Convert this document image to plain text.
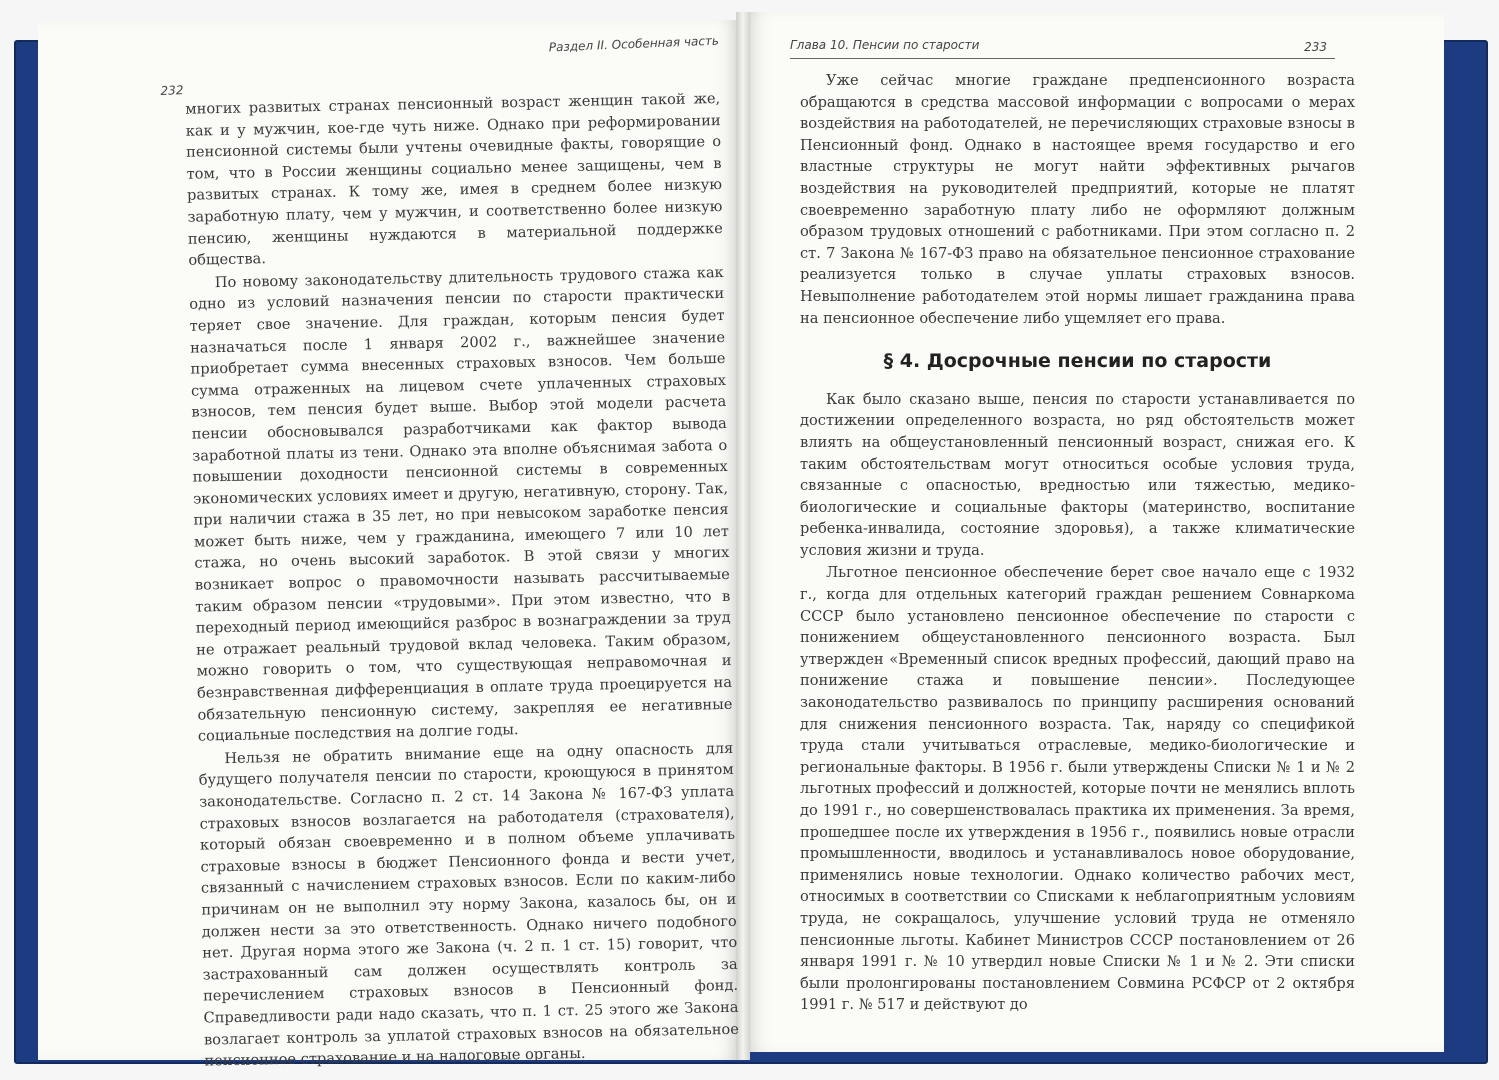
232
Раздел II. Особенная часть	Глава 10. Пенсии по старости	233

многих развитых странах пенсионный возраст женщин такой же, как и у мужчин, кое-где чуть ниже. Однако при реформировании пенсионной системы были учтены очевидные факты, говорящие о том, что в России женщины социально менее защищены, чем в развитых странах. К тому же, имея в среднем более низкую заработную плату, чем у мужчин, и соответственно более низкую пенсию, женщины нуждаются в материальной поддержке общества.

По новому законодательству длительность трудового стажа как одно из условий назначения пенсии по старости практически теряет свое значение. Для граждан, которым пенсия будет назначаться после 1 января 2002 г., важнейшее значение приобретает сумма внесенных страховых взносов. Чем больше сумма отраженных на лицевом счете уплаченных страховых взносов, тем пенсия будет выше. Выбор этой модели расчета пенсии обосновывался разработчиками как фактор вывода заработной платы из тени. Однако эта вполне объяснимая забота о повышении доходности пенсионной системы в современных экономических условиях имеет и другую, негативную, сторону. Так, при наличии стажа в 35 лет, но при невысоком заработке пенсия может быть ниже, чем у гражданина, имеющего 7 или 10 лет стажа, но очень высокий заработок. В этой связи у многих возникает вопрос о правомочности называть рассчитываемые таким образом пенсии «трудовыми». При этом известно, что в переходный период имеющийся разброс в вознаграждении за труд не отражает реальный трудовой вклад человека. Таким образом, можно говорить о том, что существующая неправомочная и безнравственная дифференциация в оплате труда проецируется на обязательную пенсионную систему, закрепляя ее негативные социальные последствия на долгие годы.

Нельзя не обратить внимание еще на одну опасность для будущего получателя пенсии по старости, кроющуюся в принятом законодательстве. Согласно п. 2 ст. 14 Закона № 167-ФЗ уплата страховых взносов возлагается на работодателя (страхователя), который обязан своевременно и в полном объеме уплачивать страховые взносы в бюджет Пенсионного фонда и вести учет, связанный с начислением страховых взносов. Если по каким-либо причинам он не выполнил эту норму Закона, казалось бы, он и должен нести за это ответственность. Однако ничего подобного нет. Другая норма этого же Закона (ч. 2 п. 1 ст. 15) говорит, что застрахованный сам должен осуществлять контроль за перечислением страховых взносов в Пенсионный фонд. Справедливости ради надо сказать, что п. 1 ст. 25 этого же Закона возлагает контроль за уплатой страховых взносов на обязательное пенсионное страхование и на налоговые органы.

Уже сейчас многие граждане предпенсионного возраста обращаются в средства массовой информации с вопросами о мерах воздействия на работодателей, не перечисляющих страховые взносы в Пенсионный фонд. Однако в настоящее время государство и его властные структуры не могут найти эффективных рычагов воздействия на руководителей предприятий, которые не платят своевременно заработную плату либо не оформляют должным образом трудовых отношений с работниками. При этом согласно п. 2 ст. 7 Закона № 167-ФЗ право на обязательное пенсионное страхование реализуется только в случае уплаты страховых взносов. Невыполнение работодателем этой нормы лишает гражданина права на пенсионное обеспечение либо ущемляет его права.

§ 4. Досрочные пенсии по старости

Как было сказано выше, пенсия по старости устанавливается по достижении определенного возраста, но ряд обстоятельств может влиять на общеустановленный пенсионный возраст, снижая его. К таким обстоятельствам могут относиться особые условия труда, связанные с опасностью, вредностью или тяжестью, медико-биологические и социальные факторы (материнство, воспитание ребенка-инвалида, состояние здоровья), а также климатические условия жизни и труда.

Льготное пенсионное обеспечение берет свое начало еще с 1932 г., когда для отдельных категорий граждан решением Совнаркома СССР было установлено пенсионное обеспечение по старости с понижением общеустановленного пенсионного возраста. Был утвержден «Временный список вредных профессий, дающий право на понижение стажа и повышение пенсии». Последующее законодательство развивалось по принципу расширения оснований для снижения пенсионного возраста. Так, наряду со спецификой труда стали учитываться отраслевые, медико-биологические и региональные факторы. В 1956 г. были утверждены Списки № 1 и № 2 льготных профессий и должностей, которые почти не менялись вплоть до 1991 г., но совершенствовалась практика их применения. За время, прошедшее после их утверждения в 1956 г., появились новые отрасли промышленности, вводилось и устанавливалось новое оборудование, применялись новые технологии. Однако количество рабочих мест, относимых в соответствии со Списками к неблагоприятным условиям труда, не сокращалось, улучшение условий труда не отменяло пенсионные льготы. Кабинет Министров СССР постановлением от 26 января 1991 г. № 10 утвердил новые Списки № 1 и № 2. Эти списки были пролонгированы постановлением Совмина РСФСР от 2 октября 1991 г. № 517 и действуют до
